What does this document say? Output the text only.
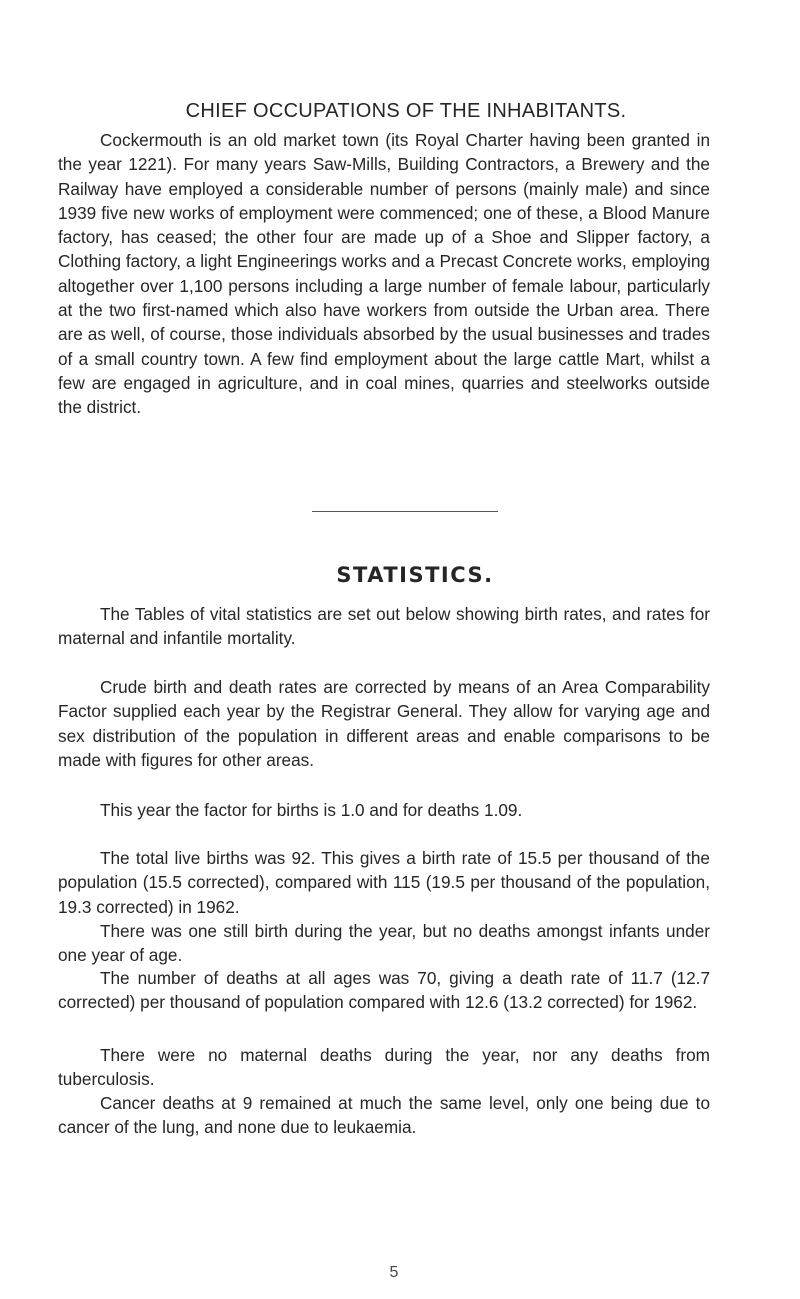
CHIEF OCCUPATIONS OF THE INHABITANTS.

Cockermouth is an old market town (its Royal Charter having been granted in the year 1221). For many years Saw-Mills, Building Contractors, a Brewery and the Railway have employed a considerable number of persons (mainly male) and since 1939 five new works of employment were commenced; one of these, a Blood Manure factory, has ceased; the other four are made up of a Shoe and Slipper factory, a Clothing factory, a light Engineerings works and a Precast Concrete works, employing altogether over 1,100 persons including a large number of female labour, particularly at the two first-named which also have workers from outside the Urban area. There are as well, of course, those individuals absorbed by the usual businesses and trades of a small country town. A few find employment about the large cattle Mart, whilst a few are engaged in agriculture, and in coal mines, quarries and steelworks outside the district.

STATISTICS.

The Tables of vital statistics are set out below showing birth rates, and rates for maternal and infantile mortality.

Crude birth and death rates are corrected by means of an Area Comparability Factor supplied each year by the Registrar General. They allow for varying age and sex distribution of the population in different areas and enable comparisons to be made with figures for other areas.

This year the factor for births is 1.0 and for deaths 1.09.

The total live births was 92. This gives a birth rate of 15.5 per thousand of the population (15.5 corrected), compared with 115 (19.5 per thousand of the population, 19.3 corrected) in 1962.

There was one still birth during the year, but no deaths amongst infants under one year of age.

The number of deaths at all ages was 70, giving a death rate of 11.7 (12.7 corrected) per thousand of population compared with 12.6 (13.2 corrected) for 1962.

There were no maternal deaths during the year, nor any deaths from tuberculosis.

Cancer deaths at 9 remained at much the same level, only one being due to cancer of the lung, and none due to leukaemia.

5
